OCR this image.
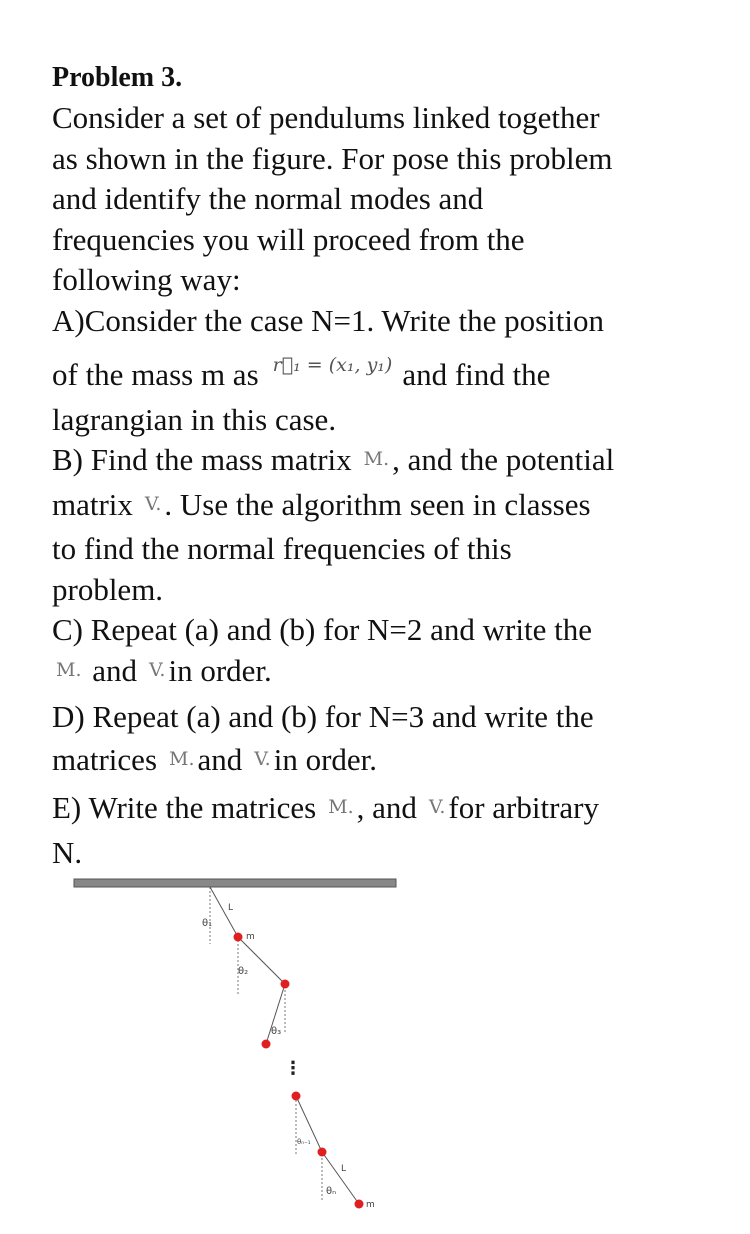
Problem 3.
Consider a set of pendulums linked together
as shown in the figure. For pose this problem
and identify the normal modes and
frequencies you will proceed from the
following way:
A)Consider the case N=1. Write the position
of the mass m as $^{r⃗_1 = (x_1, y_1)}$ and find the
lagrangian in this case.
B) Find the mass matrix M., and the potential
matrix V.. Use the algorithm seen in classes
to find the normal frequencies of this
problem.
C) Repeat (a) and (b) for N=2 and write the
M. and V.in order.
D) Repeat (a) and (b) for N=3 and write the
matrices M.and V.in order.
E) Write the matrices M., and V.for arbitrary
N.
L
θ₁
m
θ₂
θ₃
⋮
θₙ₋₁
L
θₙ
m
